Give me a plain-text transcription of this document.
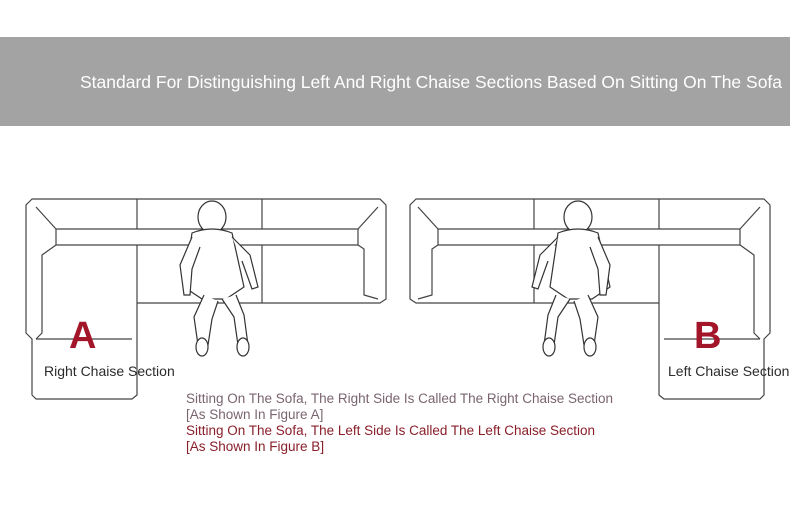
Standard For Distinguishing Left And Right Chaise Sections Based On Sitting On The Sofa
A
Right Chaise Section
B
Left Chaise Section

Sitting On The Sofa, The Right Side Is Called The Right Chaise Section [As Shown In Figure A]

Sitting On The Sofa, The Left Side Is Called The Left Chaise Section [As Shown In Figure B]
